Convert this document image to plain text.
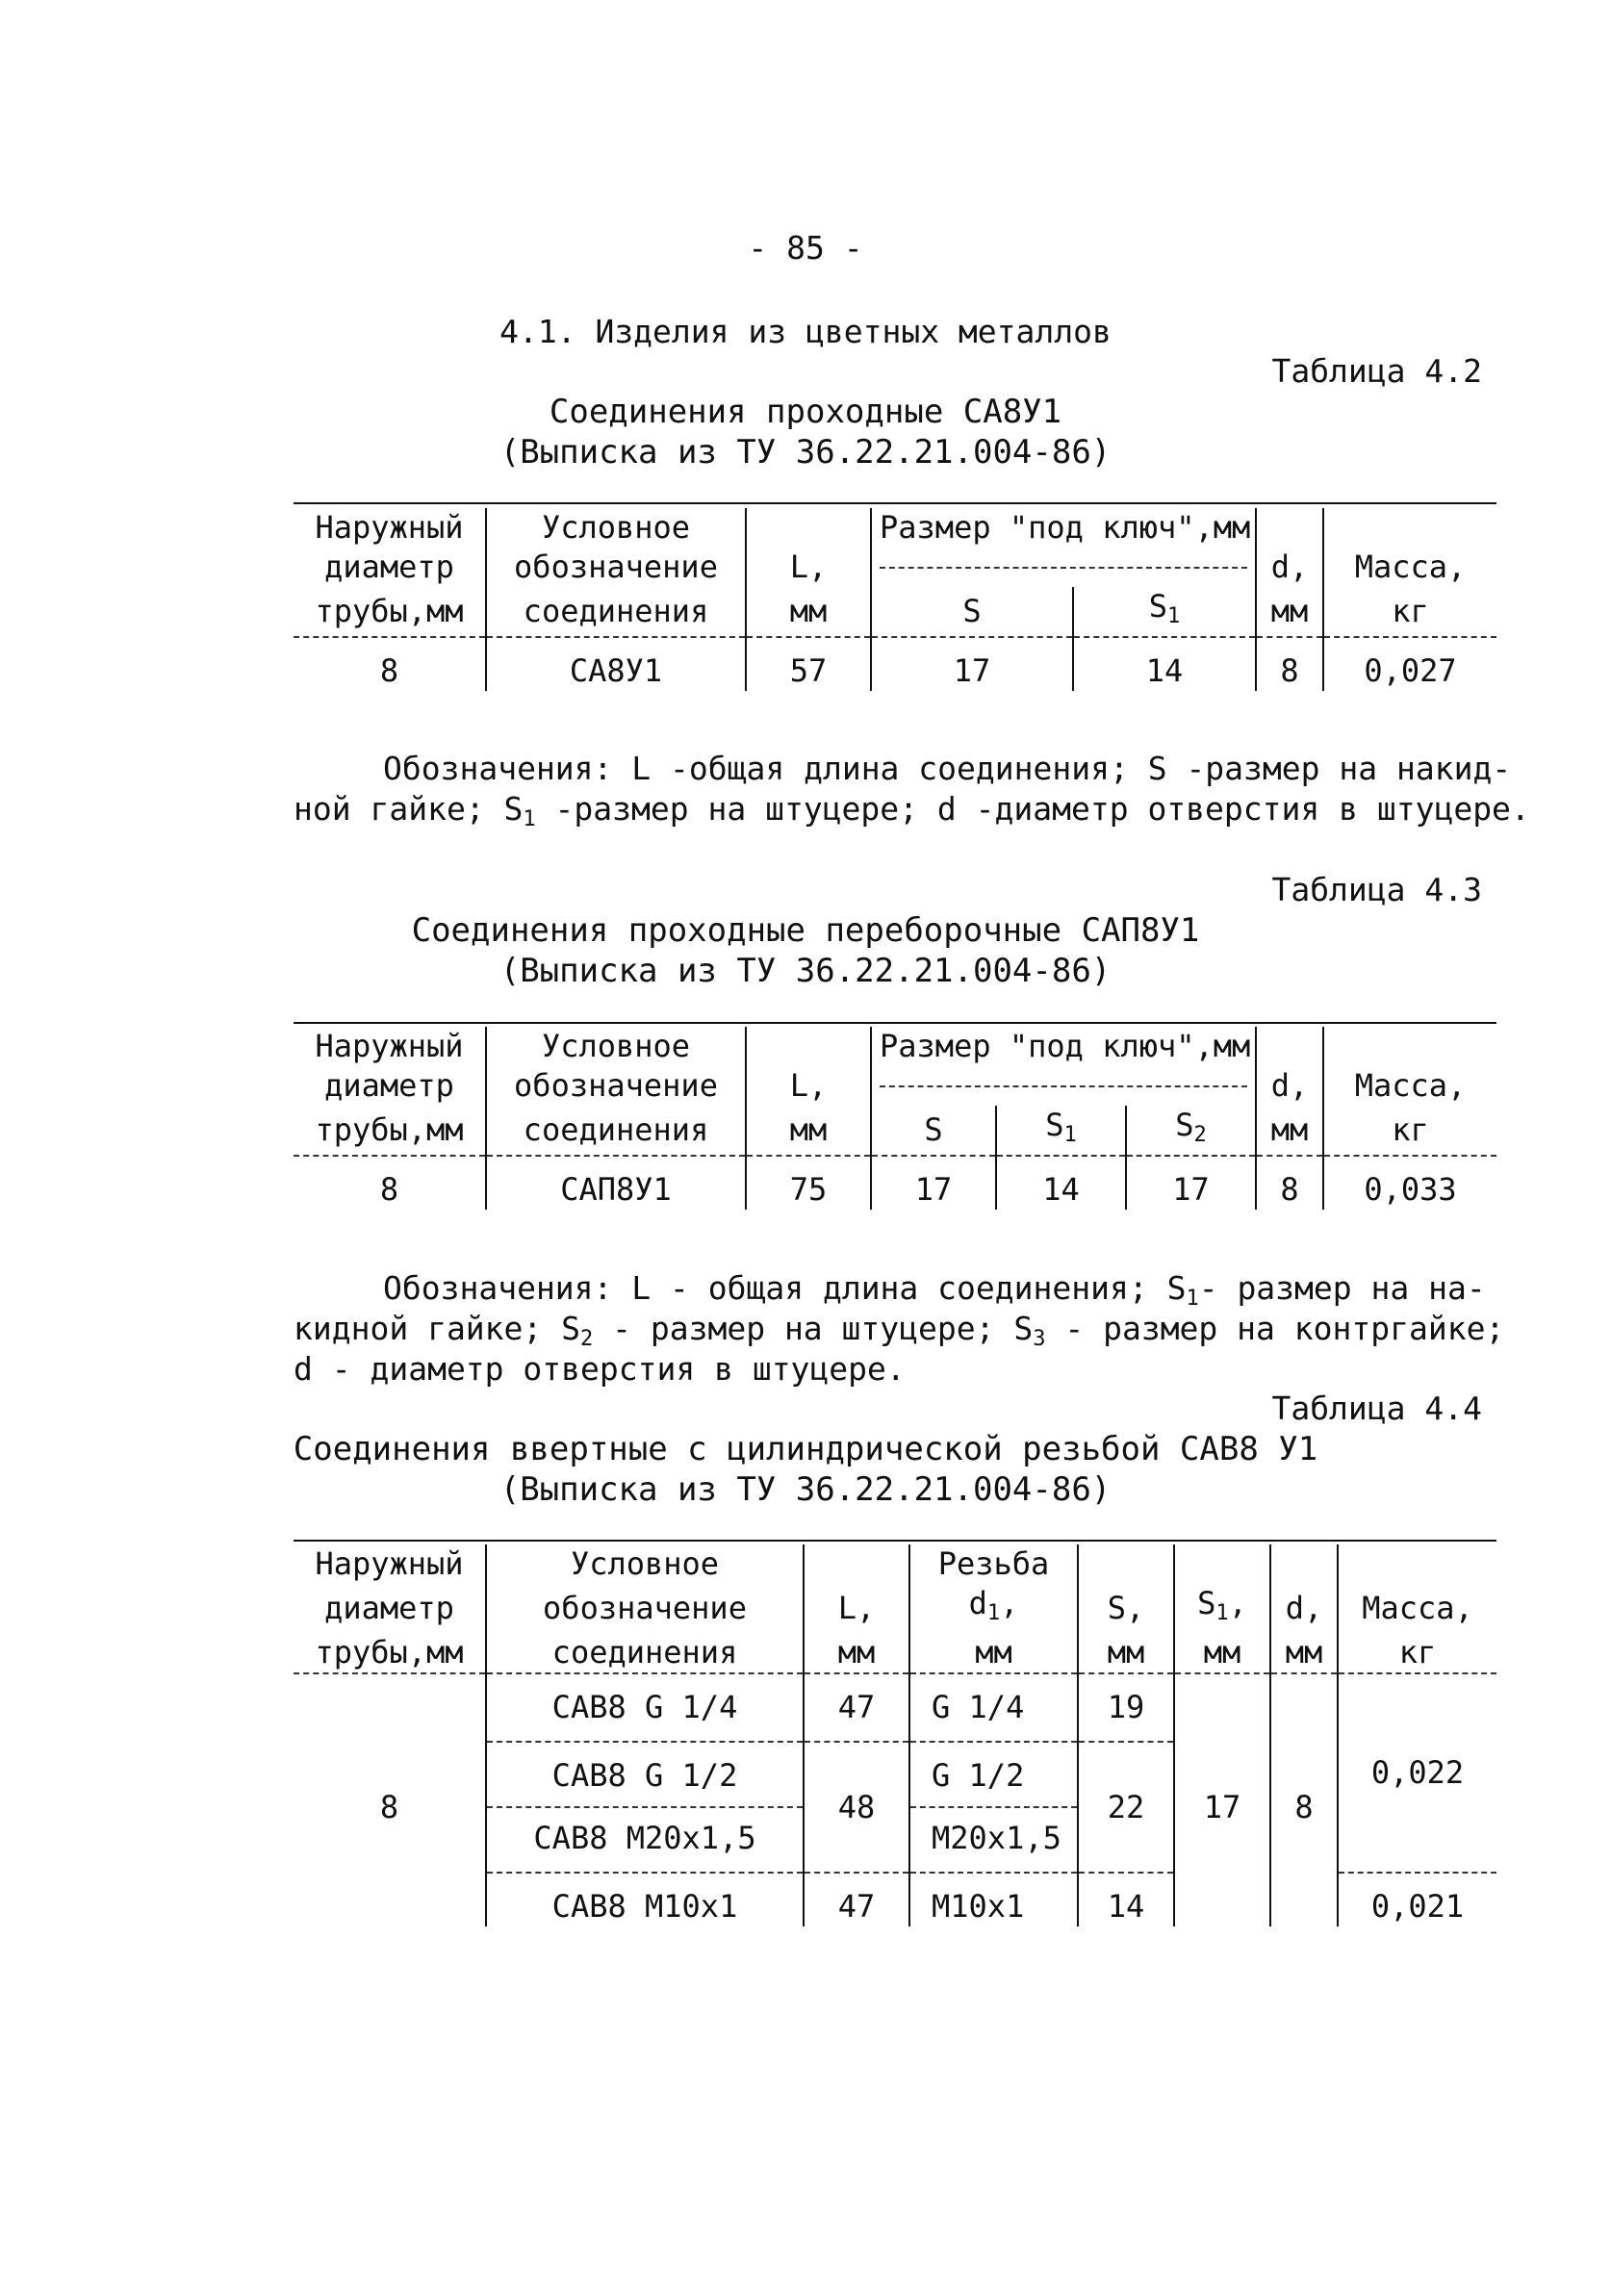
- 85 -
4.1. Изделия из цветных металлов
Таблица 4.2
Соединения проходные СА8У1
(Выписка из ТУ 36.22.21.004-86)
Наружный	Условное		Размер "под ключ",мм			
диаметр	обозначение	L,			d,	Масса,
трубы,мм	соединения	мм	S	$S_1$	мм	кг

8	СА8У1	57	17	14	8	0,027
Обозначения: L -общая длина соединения; S -размер на накид-
ной гайке; $S_1$ -размер на штуцере; d -диаметр отверстия в штуцере.
Таблица 4.3
Соединения проходные переборочные САП8У1
(Выписка из ТУ 36.22.21.004-86)
Наружный	Условное		Размер "под ключ",мм				
диаметр	обозначение	L,				d,	Масса,
трубы,мм	соединения	мм	S	$S_1$	$S_2$	мм	кг

8	САП8У1	75	17	14	17	8	0,033
Обозначения: L - общая длина соединения; $S_1-$ размер на на-
кидной гайке; $S_2$ - размер на штуцере; $S_3$ - размер на контргайке;
d - диаметр отверстия в штуцере.
Таблица 4.4
Соединения ввертные с цилиндрической резьбой САВ8 У1
(Выписка из ТУ 36.22.21.004-86)
Наружный	Условное		Резьба				
диаметр	обозначение	L,	$d_1$,	S,	$S_1$,	d,	Масса,
трубы,мм	соединения	мм	мм	мм	мм	мм	кг

8	САВ8 G 1/4	47	G 1/4	19	17	8	0,022

	САВ8 G 1/2	48	G 1/2	22			

	САВ8 М20х1,5		М20х1,5				

	САВ8 М10х1	47	М10х1	14			0,021
